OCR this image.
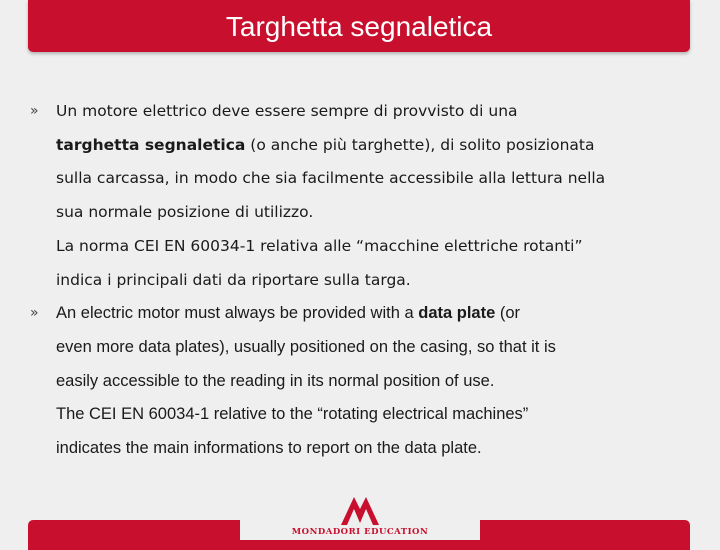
Targhetta segnaletica
»	Un motore elettrico deve essere sempre di provvisto di una
targhetta segnaletica (o anche più targhette), di solito posizionata
sulla carcassa, in modo che sia facilmente accessibile alla lettura nella
sua normale posizione di utilizzo.
La norma CEI EN 60034-1 relativa alle “macchine elettriche rotanti”
indica i principali dati da riportare sulla targa.
»	An electric motor must always be provided with a data plate (or
even more data plates), usually positioned on the casing, so that it is
easily accessible to the reading in its normal position of use.
The CEI EN 60034-1 relative to the “rotating electrical machines”
indicates the main informations to report on the data plate.
MONDADORI EDUCATION
